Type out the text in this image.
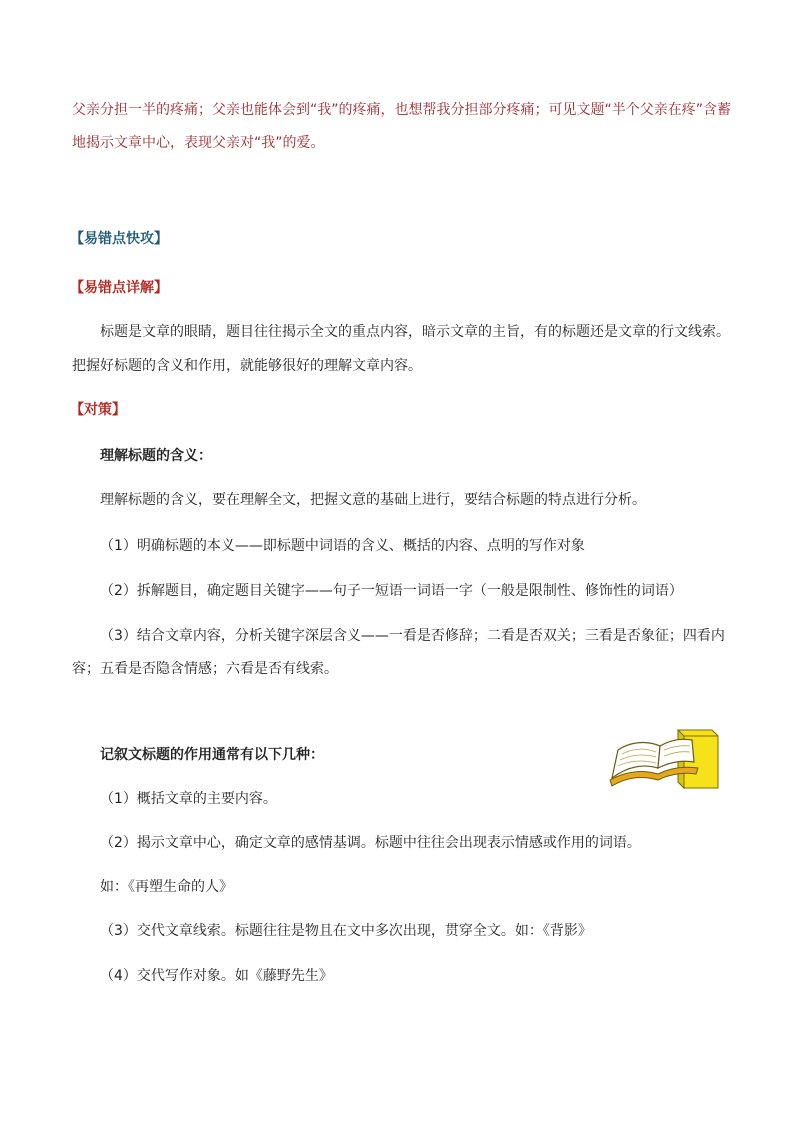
父亲分担一半的疼痛；父亲也能体会到“我”的疼痛，也想帮我分担部分疼痛；可见文题“半个父亲在疼”含蓄
地揭示文章中心，表现父亲对“我”的爱。
【易错点快攻】
【易错点详解】
标题是文章的眼睛，题目往往揭示全文的重点内容，暗示文章的主旨，有的标题还是文章的行文线索。
把握好标题的含义和作用，就能够很好的理解文章内容。
【对策】
理解标题的含义：
理解标题的含义，要在理解全文，把握文意的基础上进行，要结合标题的特点进行分析。
（1）明确标题的本义——即标题中词语的含义、概括的内容、点明的写作对象
（2）拆解题目，确定题目关键字——句子一短语一词语一字（一般是限制性、修饰性的词语）
（3）结合文章内容，分析关键字深层含义——一看是否修辞；二看是否双关；三看是否象征；四看内
容；五看是否隐含情感；六看是否有线索。
记叙文标题的作用通常有以下几种：
（1）概括文章的主要内容。
（2）揭示文章中心，确定文章的感情基调。标题中往往会出现表示情感或作用的词语。
如：《再塑生命的人》
（3）交代文章线索。标题往往是物且在文中多次出现，贯穿全文。如：《背影》
（4）交代写作对象。如《藤野先生》
